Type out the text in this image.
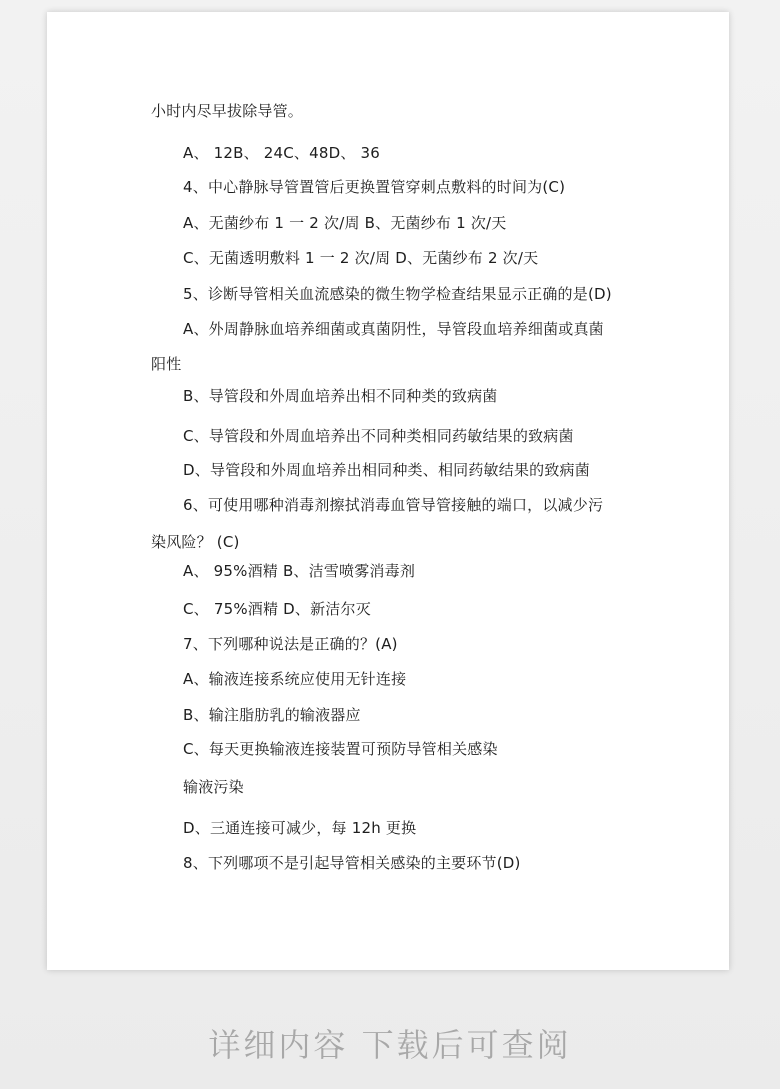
小时内尽早拔除导管。
A、 12B、 24C、48D、 36
4、中心静脉导管置管后更换置管穿刺点敷料的时间为(C)
A、无菌纱布 1 一 2 次/周 B、无菌纱布 1 次/天
C、无菌透明敷料 1 一 2 次/周 D、无菌纱布 2 次/天
5、诊断导管相关血流感染的微生物学检查结果显示正确的是(D)
A、外周静脉血培养细菌或真菌阴性，导管段血培养细菌或真菌
阳性
B、导管段和外周血培养出相不同种类的致病菌
C、导管段和外周血培养出不同种类相同药敏结果的致病菌
D、导管段和外周血培养出相同种类、相同药敏结果的致病菌
6、可使用哪种消毒剂擦拭消毒血管导管接触的端口，以减少污
染风险？ (C)
A、 95%酒精 B、洁雪喷雾消毒剂
C、 75%酒精 D、新洁尔灭
7、下列哪种说法是正确的？(A)
A、输液连接系统应使用无针连接
B、输注脂肪乳的输液器应
C、每天更换输液连接装置可预防导管相关感染
输液污染
D、三通连接可减少，每 12h 更换
8、下列哪项不是引起导管相关感染的主要环节(D)
详细内容 下载后可查阅
